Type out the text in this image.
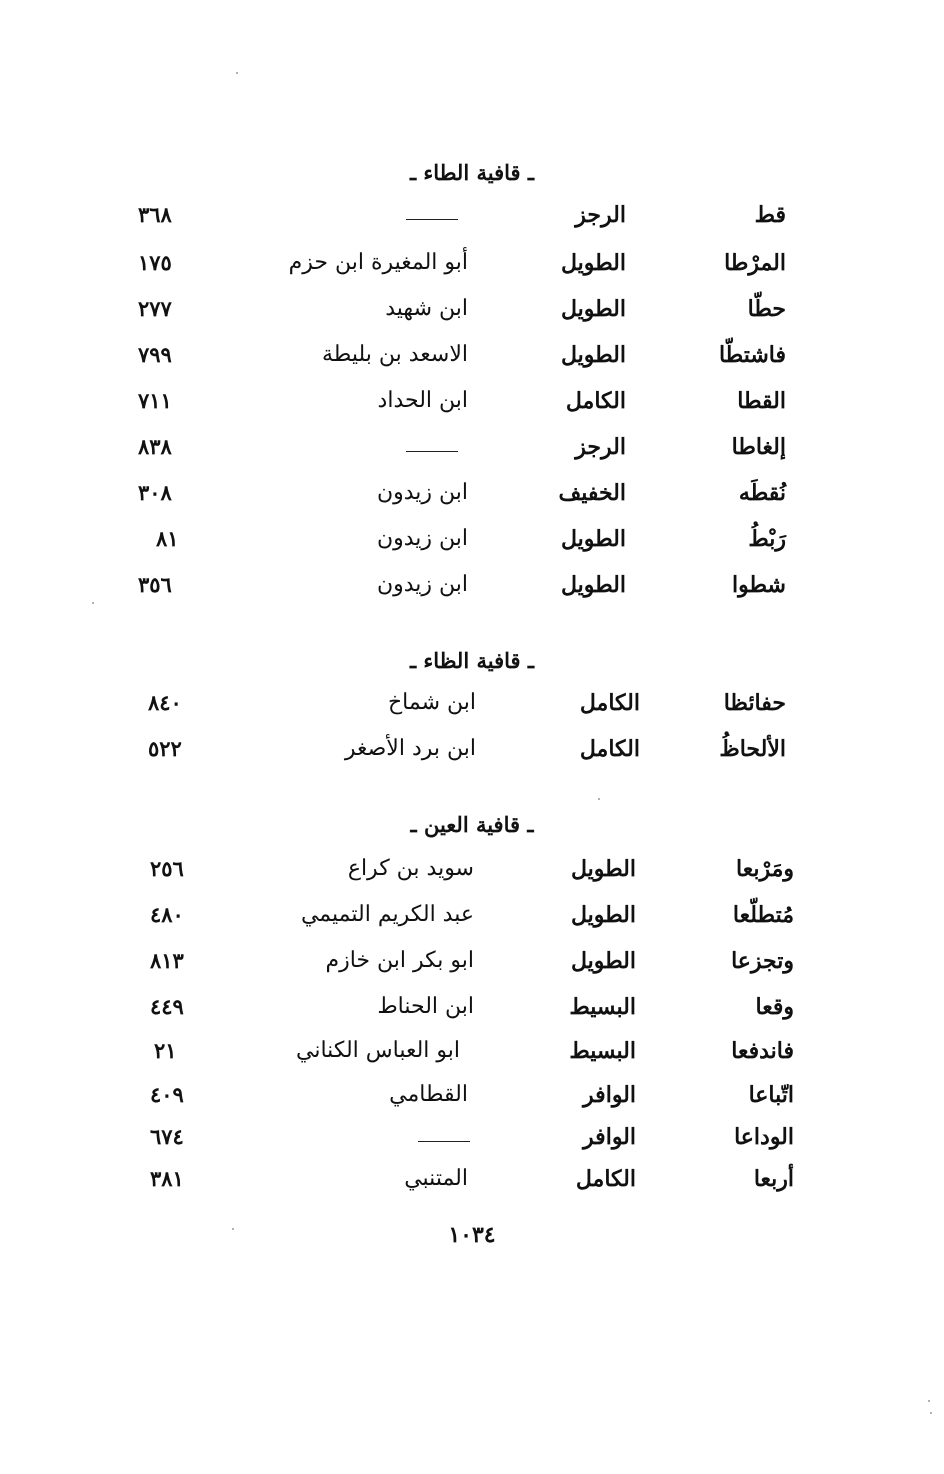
ـ قافية الطاء ـ
قط
الرجز
٣٦٨
المرْطا
الطويل
أبو المغيرة ابن حزم
١٧٥
حطّا
الطويل
ابن شهيد
٢٧٧
فاشتطّا
الطويل
الاسعد بن بليطة
٧٩٩
القطا
الكامل
ابن الحداد
٧١١
إلغاطا
الرجز
٨٣٨
نُقطَه
الخفيف
ابن زيدون
٣٠٨
رَبْطُ
الطويل
ابن زيدون
٨١
شطوا
الطويل
ابن زيدون
٣٥٦
ـ قافية الظاء ـ
حفائظا
الكامل
ابن شماخ
٨٤٠
الألحاظُ
الكامل
ابن برد الأصغر
٥٢٢
ـ قافية العين ـ
ومَرْبعا
الطويل
سويد بن كراع
٢٥٦
مُتطلّعا
الطويل
عبد الكريم التميمي
٤٨٠
وتجزعا
الطويل
ابو بكر ابن خازم
٨١٣
وقعا
البسيط
ابن الحناط
٤٤٩
فاندفعا
البسيط
ابو العباس الكناني
٢١
اتّباعا
الوافر
القطامي
٤٠٩
الوداعا
الوافر
٦٧٤
أربعا
الكامل
المتنبي
٣٨١
١٠٣٤
